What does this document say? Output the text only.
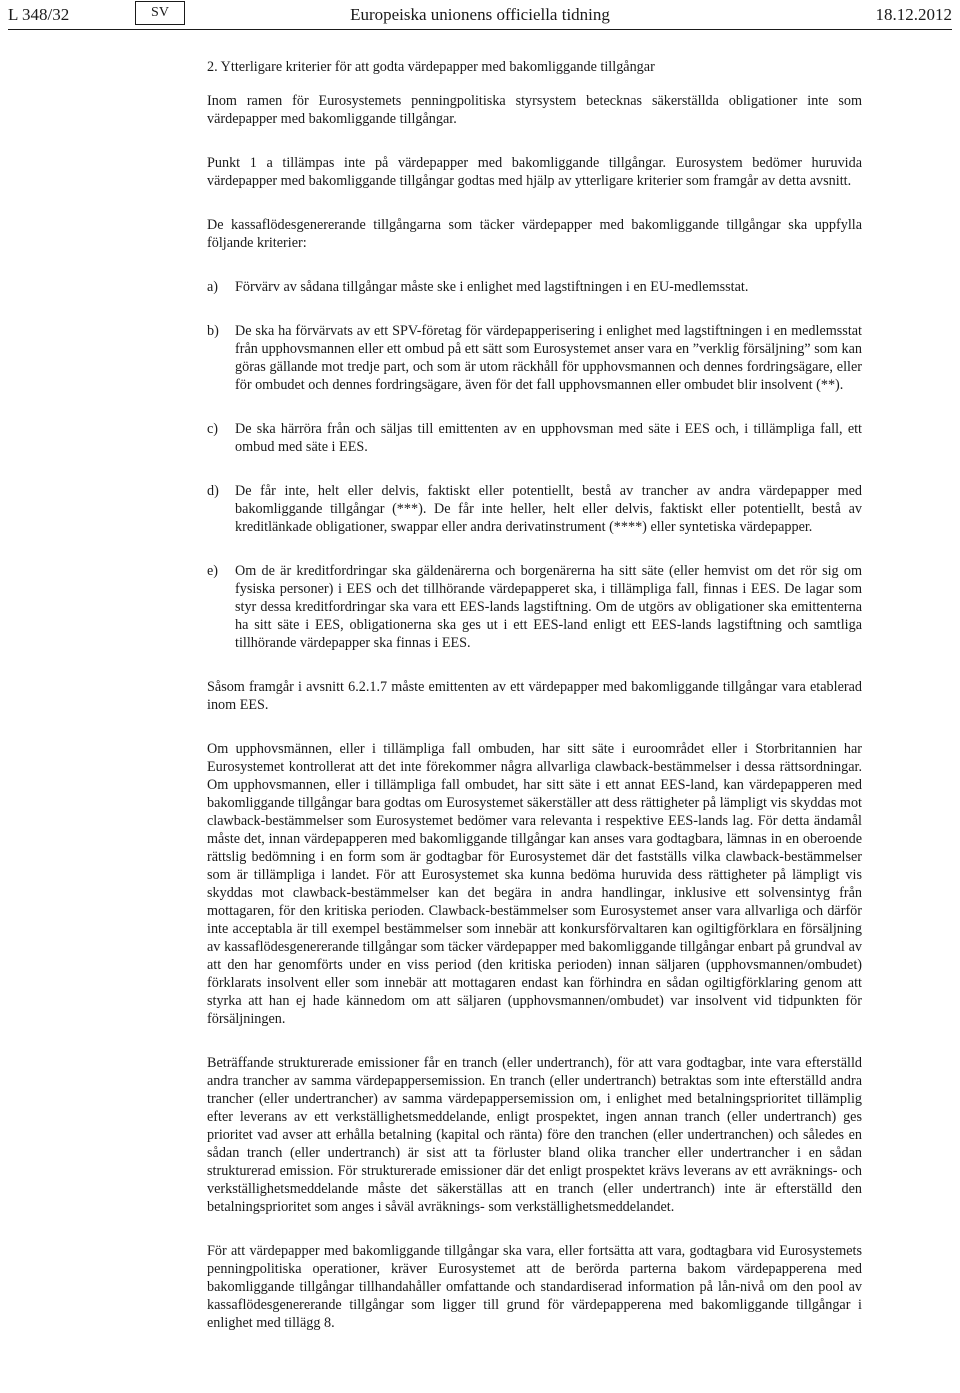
L 348/32	SV	Europeiska unionens officiella tidning	18.12.2012
2. Ytterligare kriterier för att godta värdepapper med bakomliggande tillgångar

Inom ramen för Eurosystemets penningpolitiska styrsystem betecknas säkerställda obligationer inte som värdepapper med bakomliggande tillgångar.

Punkt 1 a tillämpas inte på värdepapper med bakomliggande tillgångar. Eurosystem bedömer huruvida värdepapper med bakomliggande tillgångar godtas med hjälp av ytterligare kriterier som framgår av detta avsnitt.

De kassaflödesgenererande tillgångarna som täcker värdepapper med bakomliggande tillgångar ska uppfylla följande kriterier:

a)	Förvärv av sådana tillgångar måste ske i enlighet med lagstiftningen i en EU-medlemsstat.
b)	De ska ha förvärvats av ett SPV-företag för värdepapperisering i enlighet med lagstiftningen i en medlemsstat från upphovsmannen eller ett ombud på ett sätt som Eurosystemet anser vara en ”verklig försäljning” som kan göras gällande mot tredje part, och som är utom räckhåll för upphovsmannen och dennes fordringsägare, eller för ombudet och dennes fordringsägare, även för det fall upphovsmannen eller ombudet blir insolvent (**).
c)	De ska härröra från och säljas till emittenten av en upphovsman med säte i EES och, i tillämpliga fall, ett ombud med säte i EES.
d)	De får inte, helt eller delvis, faktiskt eller potentiellt, bestå av trancher av andra värdepapper med bakomliggande tillgångar (***). De får inte heller, helt eller delvis, faktiskt eller potentiellt, bestå av kreditlänkade obligationer, swappar eller andra derivatinstrument (****) eller syntetiska värdepapper.
e)	Om de är kreditfordringar ska gäldenärerna och borgenärerna ha sitt säte (eller hemvist om det rör sig om fysiska personer) i EES och det tillhörande värdepapperet ska, i tillämpliga fall, finnas i EES. De lagar som styr dessa kreditfordringar ska vara ett EES-lands lagstiftning. Om de utgörs av obligationer ska emittenterna ha sitt säte i EES, obligationerna ska ges ut i ett EES-land enligt ett EES-lands lagstiftning och samtliga tillhörande värdepapper ska finnas i EES.

Såsom framgår i avsnitt 6.2.1.7 måste emittenten av ett värdepapper med bakomliggande tillgångar vara etablerad inom EES.

Om upphovsmännen, eller i tillämpliga fall ombuden, har sitt säte i euroområdet eller i Storbritannien har Eurosystemet kontrollerat att det inte förekommer några allvarliga clawback-bestämmelser i dessa rättsordningar. Om upphovsmannen, eller i tillämpliga fall ombudet, har sitt säte i ett annat EES-land, kan värdepapperen med bakomliggande tillgångar bara godtas om Eurosystemet säkerställer att dess rättigheter på lämpligt vis skyddas mot clawback-bestämmelser som Eurosystemet bedömer vara relevanta i respektive EES-lands lag. För detta ändamål måste det, innan värdepapperen med bakomliggande tillgångar kan anses vara godtagbara, lämnas in en oberoende rättslig bedömning i en form som är godtagbar för Eurosystemet där det fastställs vilka clawback-bestämmelser som är tillämpliga i landet. För att Eurosystemet ska kunna bedöma huruvida dess rättigheter på lämpligt vis skyddas mot clawback-bestämmelser kan det begära in andra handlingar, inklusive ett solvensintyg från mottagaren, för den kritiska perioden. Clawback-bestämmelser som Eurosystemet anser vara allvarliga och därför inte acceptabla är till exempel bestämmelser som innebär att konkursförvaltaren kan ogiltigförklara en försäljning av kassaflödesgenererande tillgångar som täcker värdepapper med bakomliggande tillgångar enbart på grundval av att den har genomförts under en viss period (den kritiska perioden) innan säljaren (upphovsmannen/ombudet) förklarats insolvent eller som innebär att mottagaren endast kan förhindra en sådan ogiltigförklaring genom att styrka att han ej hade kännedom om att säljaren (upphovsmannen/ombudet) var insolvent vid tidpunkten för försäljningen.

Beträffande strukturerade emissioner får en tranch (eller undertranch), för att vara godtagbar, inte vara efterställd andra trancher av samma värdepappersemission. En tranch (eller undertranch) betraktas som inte efterställd andra trancher (eller undertrancher) av samma värdepappersemission om, i enlighet med betalningsprioritet tillämplig efter leverans av ett verkställighetsmeddelande, enligt prospektet, ingen annan tranch (eller undertranch) ges prioritet vad avser att erhålla betalning (kapital och ränta) före den tranchen (eller undertranchen) och således en sådan tranch (eller undertranch) är sist att ta förluster bland olika trancher eller undertrancher i en sådan strukturerad emission. För strukturerade emissioner där det enligt prospektet krävs leverans av ett avräknings- och verkställighetsmeddelande måste det säkerställas att en tranch (eller undertranch) inte är efterställd den betalningsprioritet som anges i såväl avräknings- som verkställighetsmeddelandet.

För att värdepapper med bakomliggande tillgångar ska vara, eller fortsätta att vara, godtagbara vid Eurosystemets penningpolitiska operationer, kräver Eurosystemet att de berörda parterna bakom värdepapperena med bakomliggande tillgångar tillhandahåller omfattande och standardiserad information på lån-nivå om den pool av kassaflödesgenererande tillgångar som ligger till grund för värdepapperena med bakomliggande tillgångar i enlighet med tillägg 8.
